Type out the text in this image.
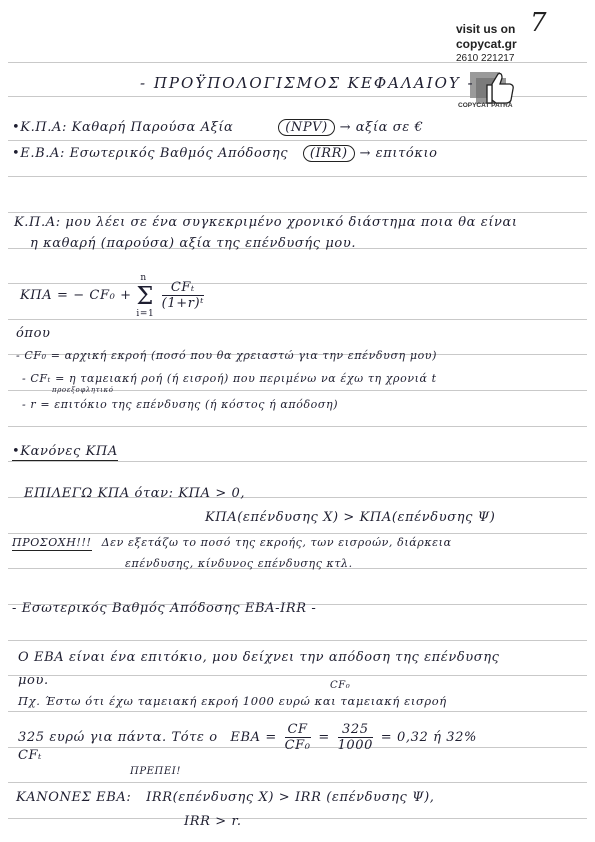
7
visit us on
copycat.gr
2610 221217
COPYCAT PATRA
- ΠΡΟΫΠΟΛΟΓΙΣΜΟΣ ΚΕΦΑΛΑΙΟΥ -
•Κ.Π.Α: Καθαρή Παρούσα Αξία	(NPV) → αξία σε €
•Ε.Β.Α: Εσωτερικός Βαθμός Απόδοσης (IRR) → επιτόκιο
Κ.Π.Α: μου λέει σε ένα συγκεκριμένο χρονικό διάστημα ποια θα είναι
η καθαρή (παρούσα) αξία της επένδυσής μου.
ΚΠΑ = − CF₀ + Σ
n
i=1

$\frac{\text{CFₜ}}{\text{(1+r)ᵗ}}$
όπου
- CF₀ = αρχική εκροή (ποσό που θα χρειαστώ για την επένδυση μου)
- CFₜ = η ταμειακή ροή (ή εισροή) που περιμένω να έχω τη χρονιά t
προεξοφλητικό
- r = επιτόκιο της επένδυσης (ή κόστος ή απόδοση)
•Κανόνες ΚΠΑ
ΕΠΙΛΕΓΩ ΚΠΑ όταν: ΚΠΑ > 0,
ΚΠΑ(επένδυσης Χ) > ΚΠΑ(επένδυσης Ψ)
ΠΡΟΣΟΧΗ!!! Δεν εξετάζω το ποσό της εκροής, των εισροών, διάρκεια
επένδυσης, κίνδυνος επένδυσης κτλ.
- Εσωτερικός Βαθμός Απόδοσης ΕΒΑ-IRR -
Ο ΕΒΑ είναι ένα επιτόκιο, μου δείχνει την απόδοση της επένδυσης
μου.	CF₀
Πχ. Έστω ότι έχω ταμειακή εκροή 1000 ευρώ και ταμειακή εισροή
325 ευρώ για πάντα. Τότε ο $EBA = \frac{CF}{\text{CF₀}} = \frac{325}{1000} = 0,32$ ή 32%
CFₜ
ΠΡΕΠΕΙ!
ΚΑΝΟΝΕΣ ΕΒΑ: IRR(επένδυσης Χ) > IRR (επένδυσης Ψ),
IRR > r.
